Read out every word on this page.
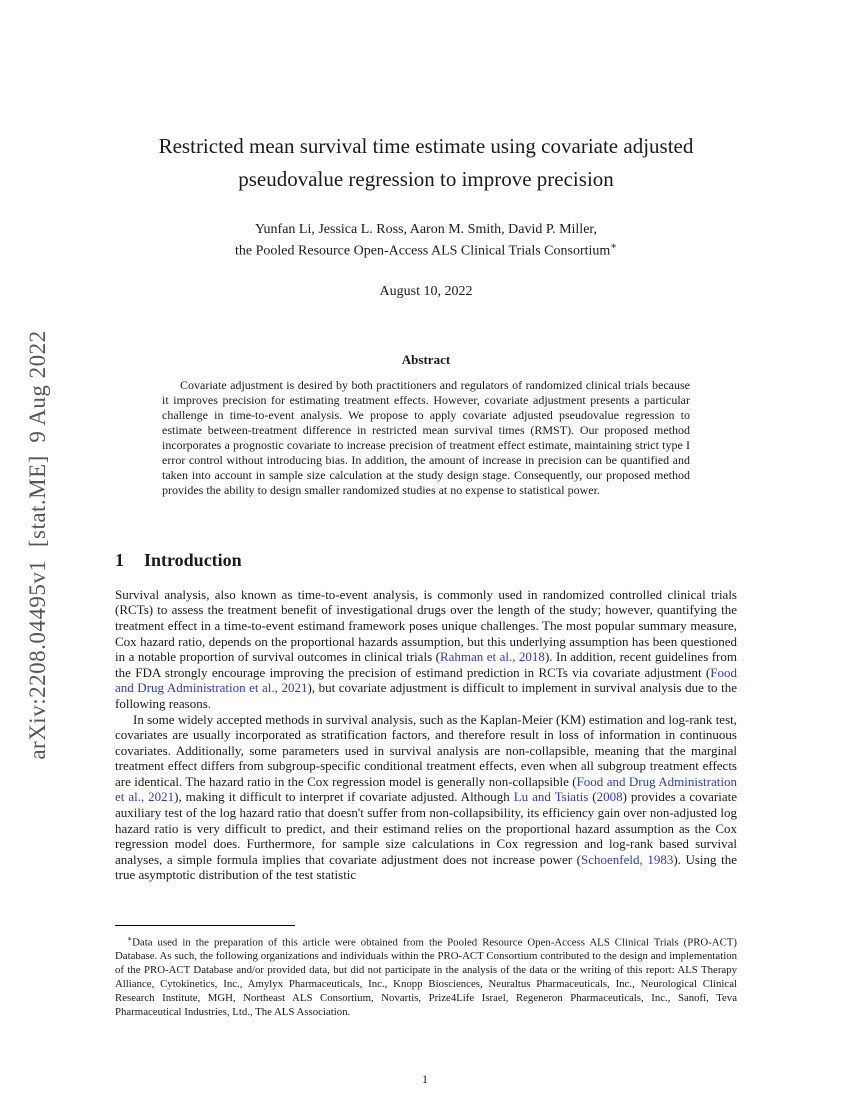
arXiv:2208.04495v1  [stat.ME]  9 Aug 2022
Restricted mean survival time estimate using covariate adjusted pseudovalue regression to improve precision
Yunfan Li, Jessica L. Ross, Aaron M. Smith, David P. Miller,
the Pooled Resource Open-Access ALS Clinical Trials Consortium∗
August 10, 2022
Abstract
Covariate adjustment is desired by both practitioners and regulators of randomized clinical trials because it improves precision for estimating treatment effects. However, covariate adjustment presents a particular challenge in time-to-event analysis. We propose to apply covariate adjusted pseudovalue regression to estimate between-treatment difference in restricted mean survival times (RMST). Our proposed method incorporates a prognostic covariate to increase precision of treatment effect estimate, maintaining strict type I error control without introducing bias. In addition, the amount of increase in precision can be quantified and taken into account in sample size calculation at the study design stage. Consequently, our proposed method provides the ability to design smaller randomized studies at no expense to statistical power.
1 Introduction

Survival analysis, also known as time-to-event analysis, is commonly used in randomized controlled clinical trials (RCTs) to assess the treatment benefit of investigational drugs over the length of the study; however, quantifying the treatment effect in a time-to-event estimand framework poses unique challenges. The most popular summary measure, Cox hazard ratio, depends on the proportional hazards assumption, but this underlying assumption has been questioned in a notable proportion of survival outcomes in clinical trials (Rahman et al., 2018). In addition, recent guidelines from the FDA strongly encourage improving the precision of estimand prediction in RCTs via covariate adjustment (Food and Drug Administration et al., 2021), but covariate adjustment is difficult to implement in survival analysis due to the following reasons.

In some widely accepted methods in survival analysis, such as the Kaplan-Meier (KM) estimation and log-rank test, covariates are usually incorporated as stratification factors, and therefore result in loss of information in continuous covariates. Additionally, some parameters used in survival analysis are non-collapsible, meaning that the marginal treatment effect differs from subgroup-specific conditional treatment effects, even when all subgroup treatment effects are identical. The hazard ratio in the Cox regression model is generally non-collapsible (Food and Drug Administration et al., 2021), making it difficult to interpret if covariate adjusted. Although Lu and Tsiatis (2008) provides a covariate auxiliary test of the log hazard ratio that doesn't suffer from non-collapsibility, its efficiency gain over non-adjusted log hazard ratio is very difficult to predict, and their estimand relies on the proportional hazard assumption as the Cox regression model does. Furthermore, for sample size calculations in Cox regression and log-rank based survival analyses, a simple formula implies that covariate adjustment does not increase power (Schoenfeld, 1983). Using the true asymptotic distribution of the test statistic

∗Data used in the preparation of this article were obtained from the Pooled Resource Open-Access ALS Clinical Trials (PRO-ACT) Database. As such, the following organizations and individuals within the PRO-ACT Consortium contributed to the design and implementation of the PRO-ACT Database and/or provided data, but did not participate in the analysis of the data or the writing of this report: ALS Therapy Alliance, Cytokinetics, Inc., Amylyx Pharmaceuticals, Inc., Knopp Biosciences, Neuraltus Pharmaceuticals, Inc., Neurological Clinical Research Institute, MGH, Northeast ALS Consortium, Novartis, Prize4Life Israel, Regeneron Pharmaceuticals, Inc., Sanofi, Teva Pharmaceutical Industries, Ltd., The ALS Association.

1
